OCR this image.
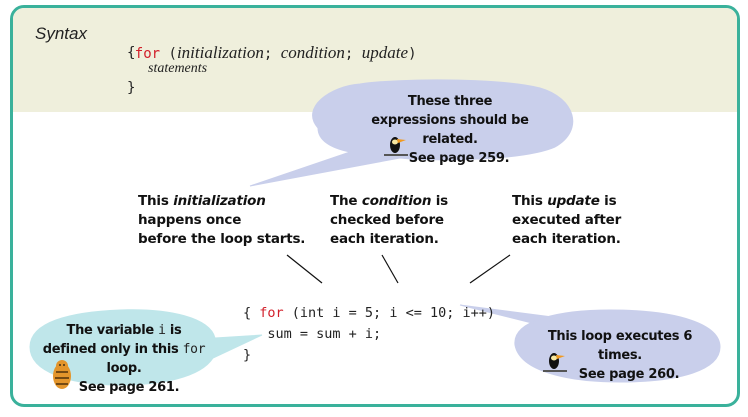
Syntax

for (initialization; condition; update)

{
statements
}
These three
expressions should be related.
See page 259.
This initialization
happens once
before the loop starts.
The condition is
checked before
each iteration.
This update is
executed after
each iteration.

for (int i = 5; i <= 10; i++)

{
sum = sum + i;
}
The variable i is
defined only in this for loop.
See page 261.
This loop executes 6 times.
See page 260.
